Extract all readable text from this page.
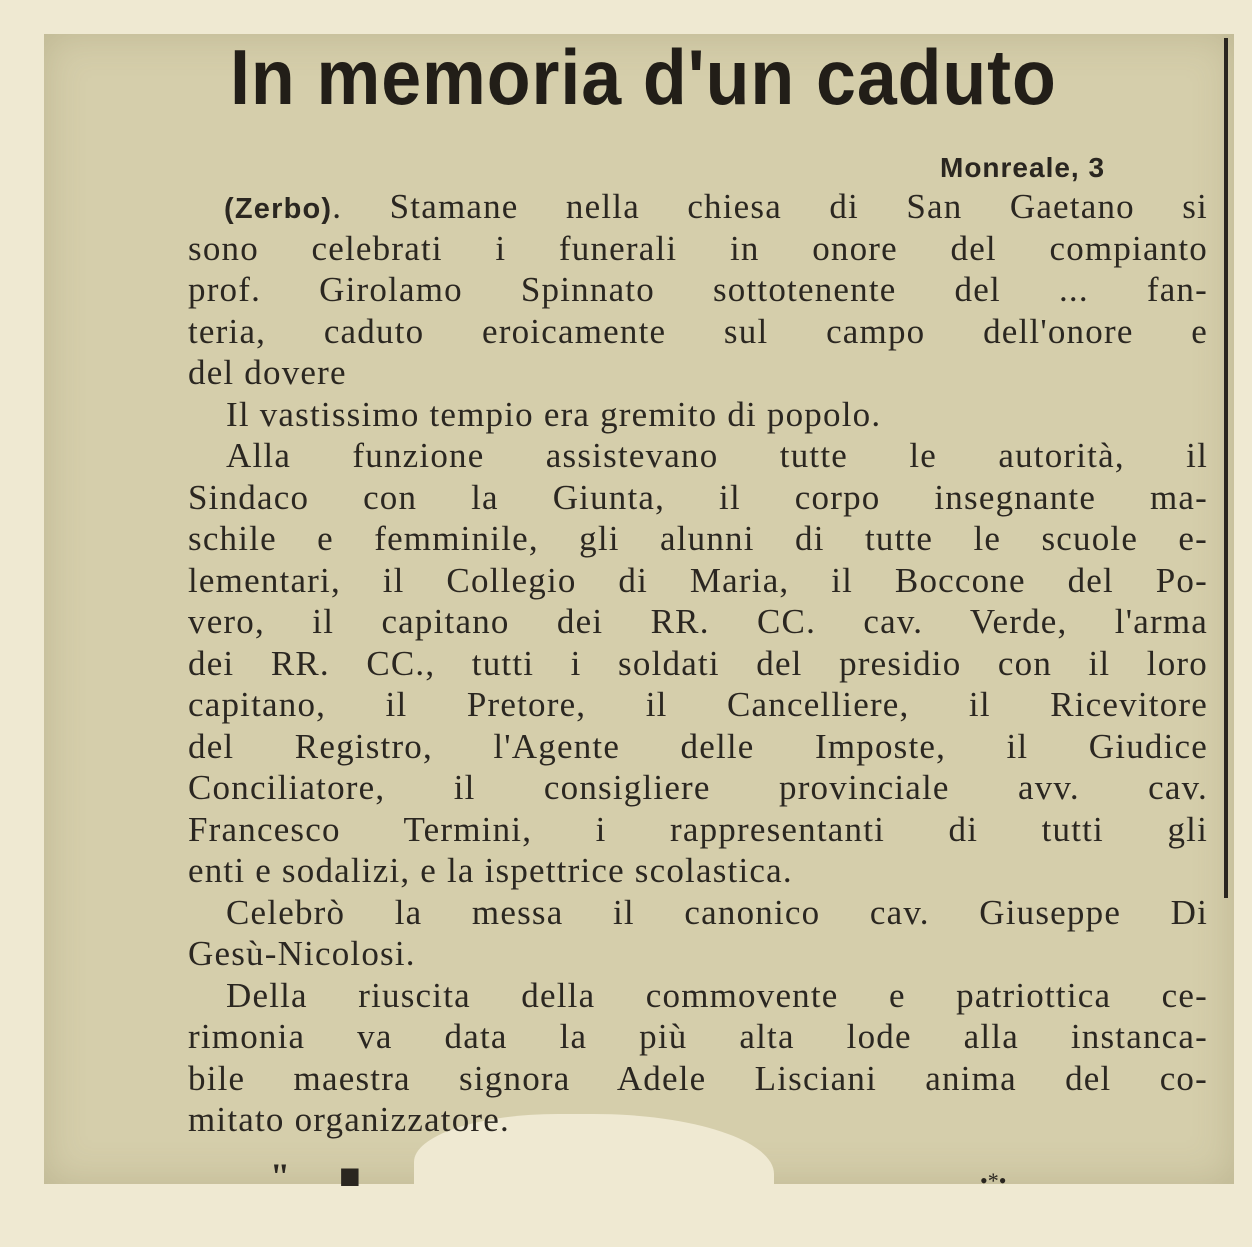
In memoria d'un caduto
Monreale, 3
(Zerbo). Stamane nella chiesa di San Gaetano si
sono celebrati i funerali in onore del compianto
prof. Girolamo Spinnato sottotenente del ... fan-
teria, caduto eroicamente sul campo dell'onore e
del dovere
Il vastissimo tempio era gremito di popolo.
Alla funzione assistevano tutte le autorità, il
Sindaco con la Giunta, il corpo insegnante ma-
schile e femminile, gli alunni di tutte le scuole e-
lementari, il Collegio di Maria, il Boccone del Po-
vero, il capitano dei RR. CC. cav. Verde, l'arma
dei RR. CC., tutti i soldati del presidio con il loro
capitano, il Pretore, il Cancelliere, il Ricevitore
del Registro, l'Agente delle Imposte, il Giudice
Conciliatore, il consigliere provinciale avv. cav.
Francesco Termini, i rappresentanti di tutti gli
enti e sodalizi, e la ispettrice scolastica.
Celebrò la messa il canonico cav. Giuseppe Di
Gesù-Nicolosi.
Della riuscita della commovente e patriottica ce-
rimonia va data la più alta lode alla instanca-
bile maestra signora Adele Lisciani anima del co-
mitato organizzatore.
" ■	•*•
